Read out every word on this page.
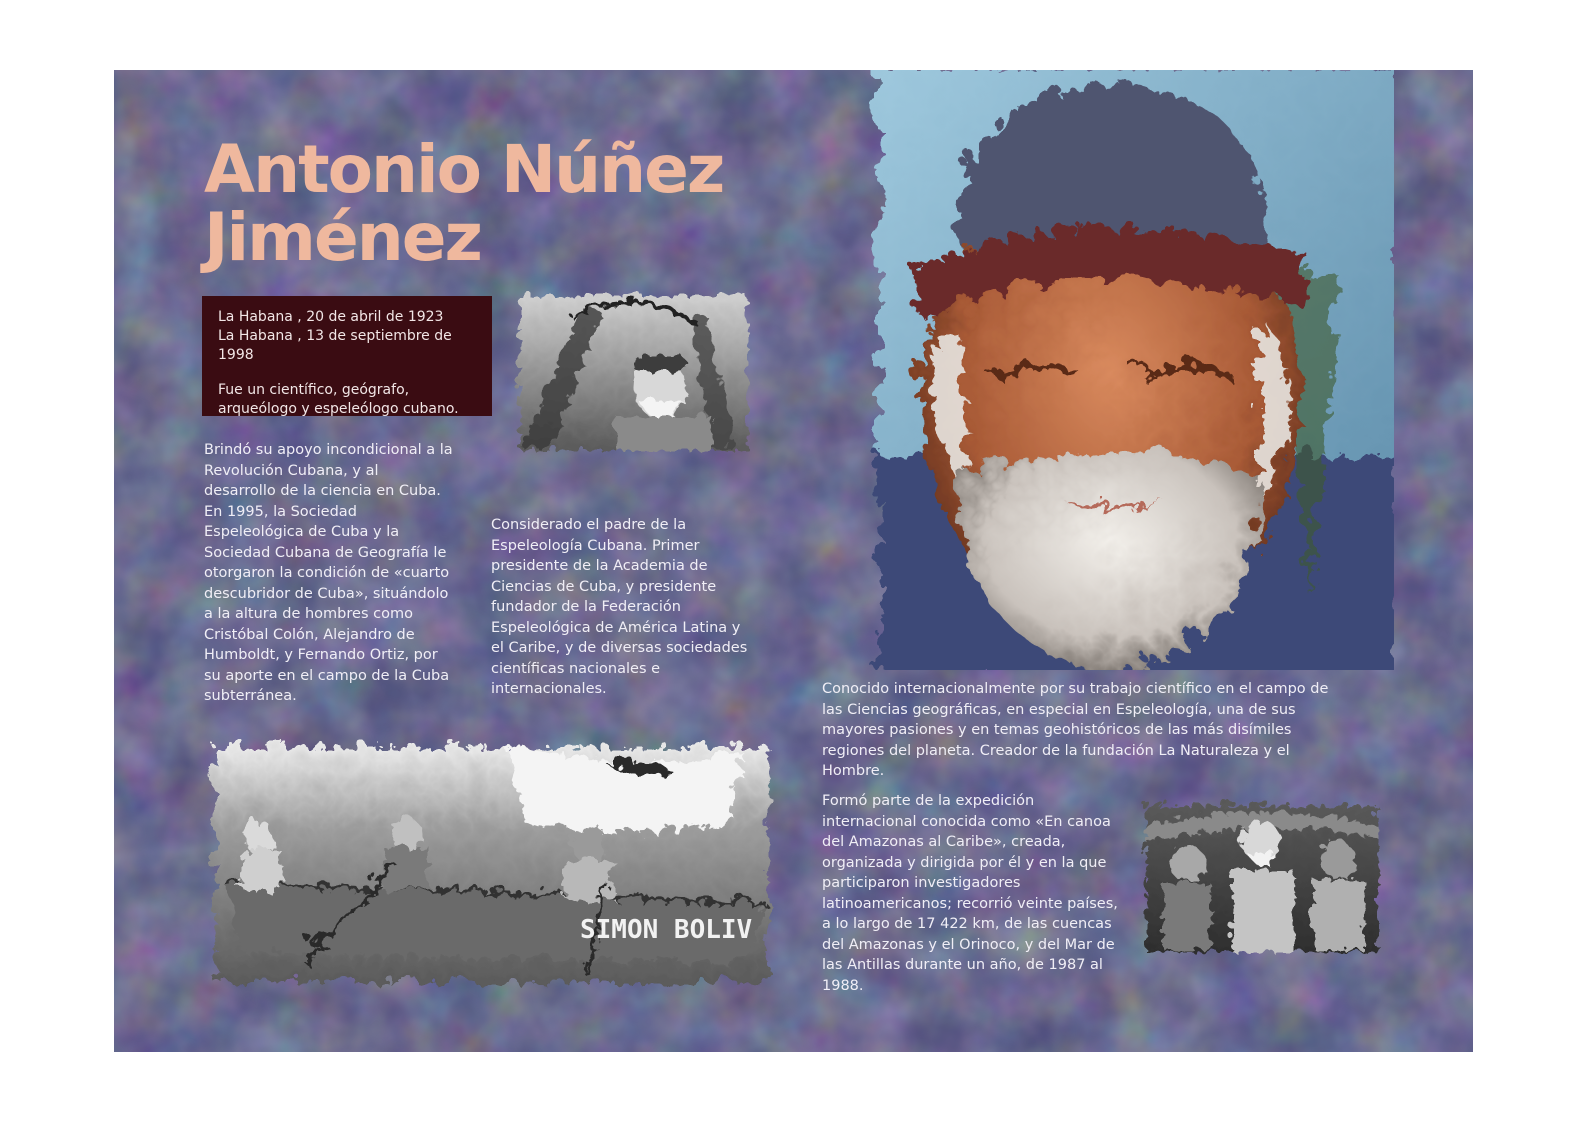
Antonio Núñez
Jiménez

La Habana , 20 de abril de 1923

La Habana , 13 de septiembre de 1998

Fue un científico, geógrafo,

arqueólogo y espeleólogo cubano.

Brindó su apoyo incondicional a la Revolución Cubana, y al desarrollo de la ciencia en Cuba. En 1995, la Sociedad Espeleológica de Cuba y la Sociedad Cubana de Geografía le otorgaron la condición de «cuarto descubridor de Cuba», situándolo a la altura de hombres como Cristóbal Colón, Alejandro de Humboldt, y Fernando Ortiz, por su aporte en el campo de la Cuba subterránea.

Considerado el padre de la Espeleología Cubana. Primer presidente de la Academia de Ciencias de Cuba, y presidente fundador de la Federación Espeleológica de América Latina y el Caribe, y de diversas sociedades científicas nacionales e internacionales.	Conocido internacionalmente por su trabajo científico en el campo de las Ciencias geográficas, en especial en Espeleología, una de sus mayores pasiones y en temas geohistóricos de las más disímiles regiones del planeta. Creador de la fundación La Naturaleza y el Hombre.

Formó parte de la expedición internacional conocida como «En canoa del Amazonas al Caribe», creada, organizada y dirigida por él y en la que participaron investigadores latinoamericanos; recorrió veinte países, a lo largo de 17 422 km, de las cuencas del Amazonas y el Orinoco, y del Mar de las Antillas durante un año, de 1987 al 1988.

SIMON BOLIV
